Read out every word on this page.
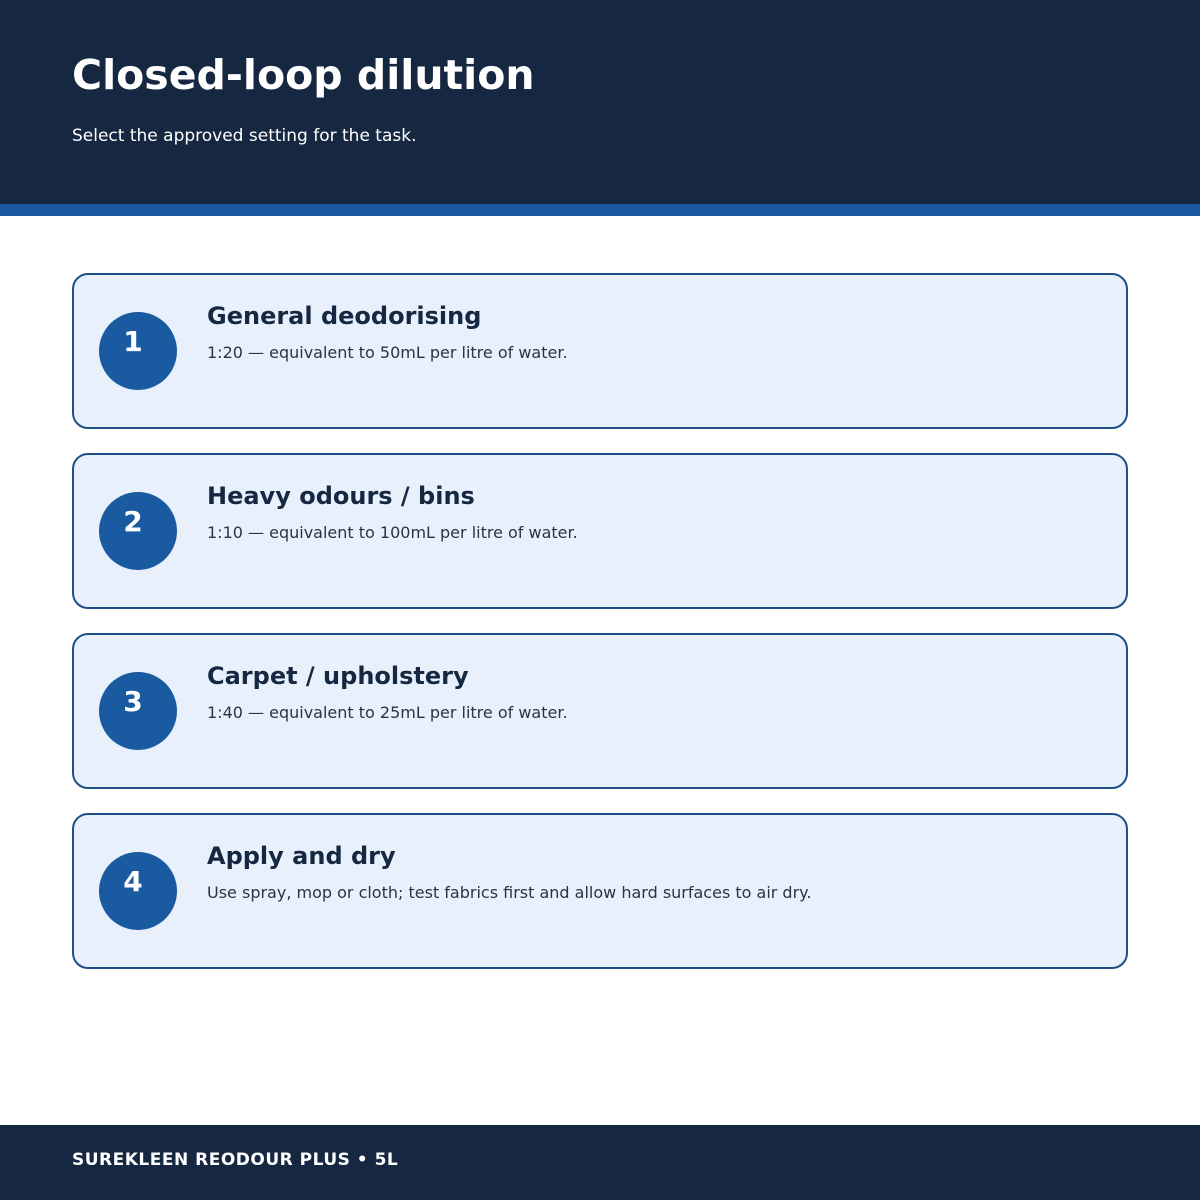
Closed-loop dilution

Select the approved setting for the task.

1
General deodorising

1:20 — equivalent to 50mL per litre of water.

2
Heavy odours / bins

1:10 — equivalent to 100mL per litre of water.

3
Carpet / upholstery

1:40 — equivalent to 25mL per litre of water.

4
Apply and dry

Use spray, mop or cloth; test fabrics first and allow hard surfaces to air dry.

SUREKLEEN REODOUR PLUS • 5L
